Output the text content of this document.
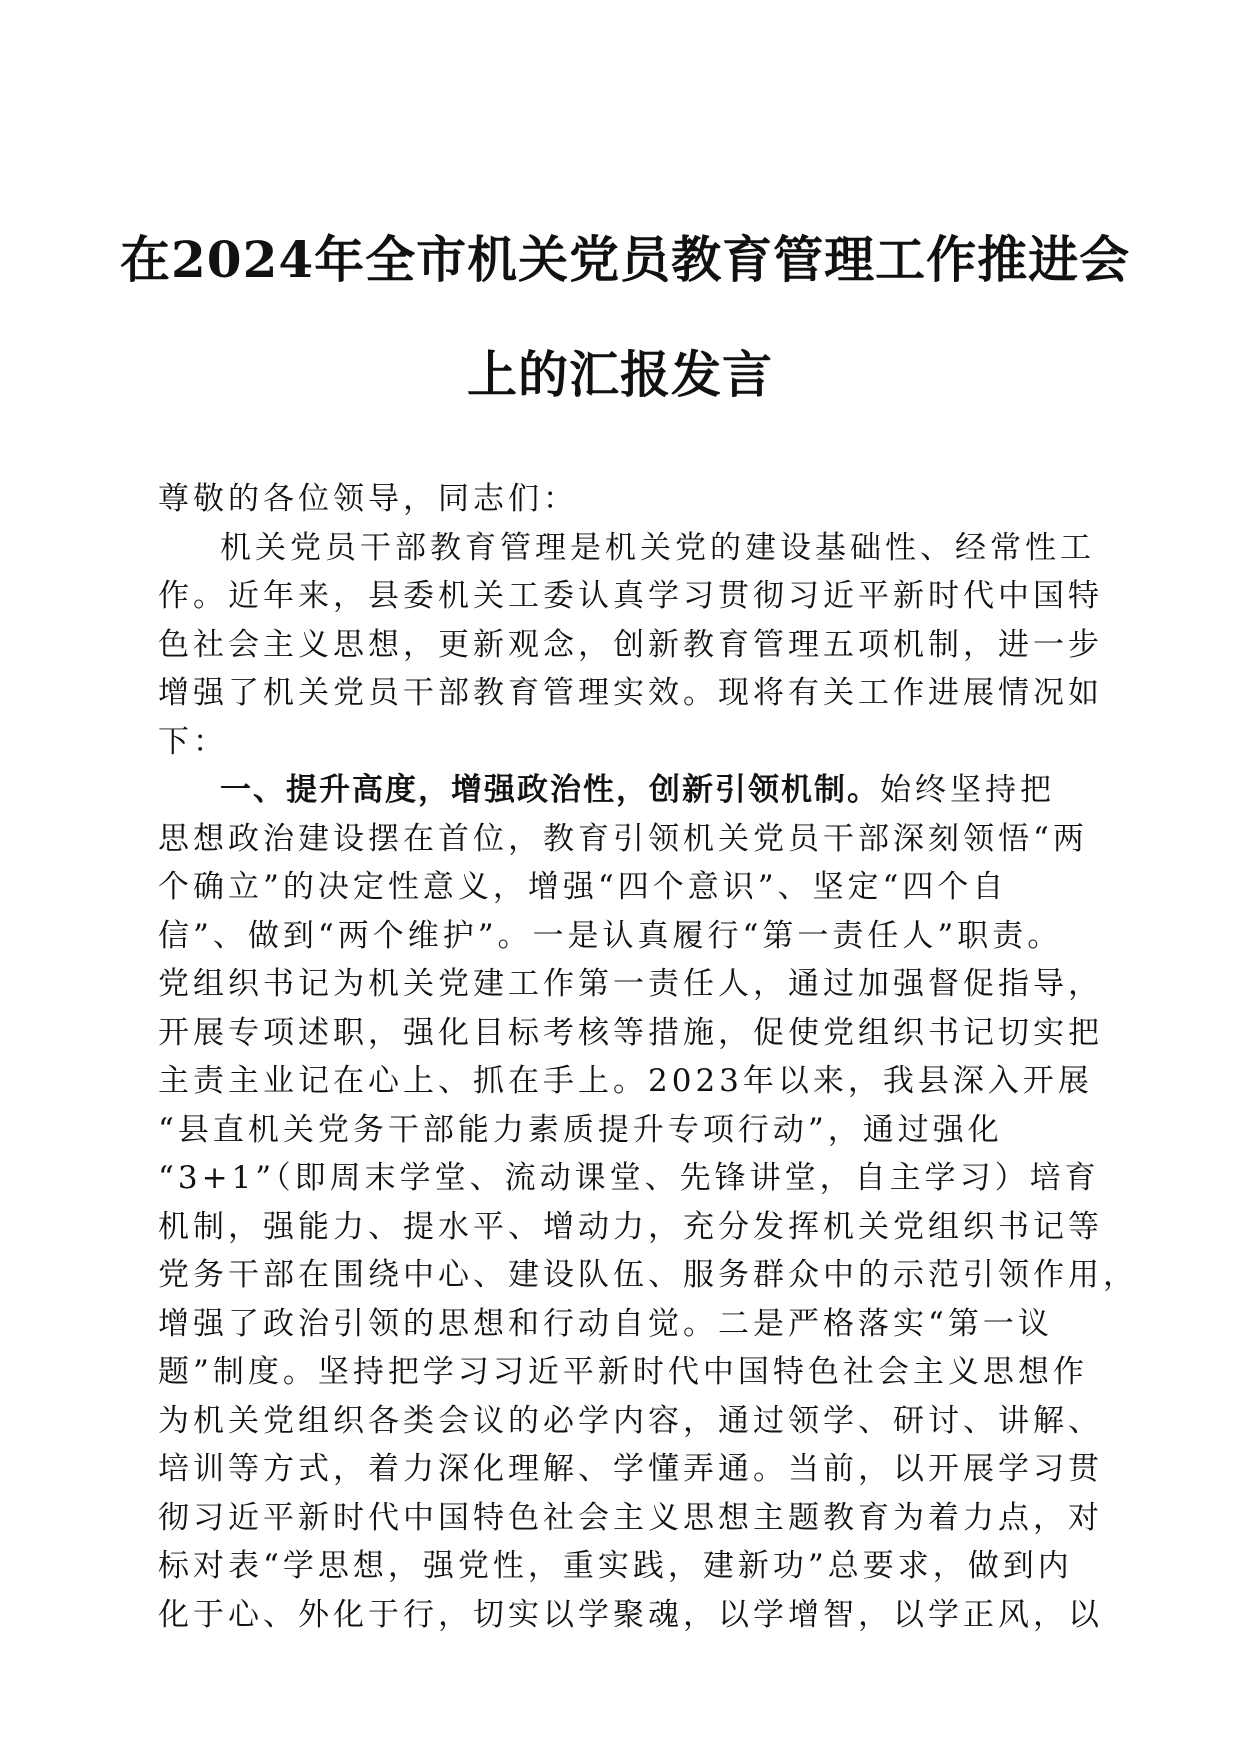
在2024年全市机关党员教育管理工作推进会
上的汇报发言
尊敬的各位领导，同志们：
机关党员干部教育管理是机关党的建设基础性、经常性工
作。近年来，县委机关工委认真学习贯彻习近平新时代中国特
色社会主义思想，更新观念，创新教育管理五项机制，进一步
增强了机关党员干部教育管理实效。现将有关工作进展情况如
下：
一、提升高度，增强政治性，创新引领机制。始终坚持把
思想政治建设摆在首位，教育引领机关党员干部深刻领悟“两
个确立”的决定性意义，增强“四个意识”、坚定“四个自
信”、做到“两个维护”。一是认真履行“第一责任人”职责。
党组织书记为机关党建工作第一责任人，通过加强督促指导，
开展专项述职，强化目标考核等措施，促使党组织书记切实把
主责主业记在心上、抓在手上。2023年以来，我县深入开展
“县直机关党务干部能力素质提升专项行动”，通过强化
“3+1”（即周末学堂、流动课堂、先锋讲堂，自主学习）培育
机制，强能力、提水平、增动力，充分发挥机关党组织书记等
党务干部在围绕中心、建设队伍、服务群众中的示范引领作用，
增强了政治引领的思想和行动自觉。二是严格落实“第一议
题”制度。坚持把学习习近平新时代中国特色社会主义思想作
为机关党组织各类会议的必学内容，通过领学、研讨、讲解、
培训等方式，着力深化理解、学懂弄通。当前，以开展学习贯
彻习近平新时代中国特色社会主义思想主题教育为着力点，对
标对表“学思想，强党性，重实践，建新功”总要求，做到内
化于心、外化于行，切实以学聚魂，以学增智，以学正风，以
